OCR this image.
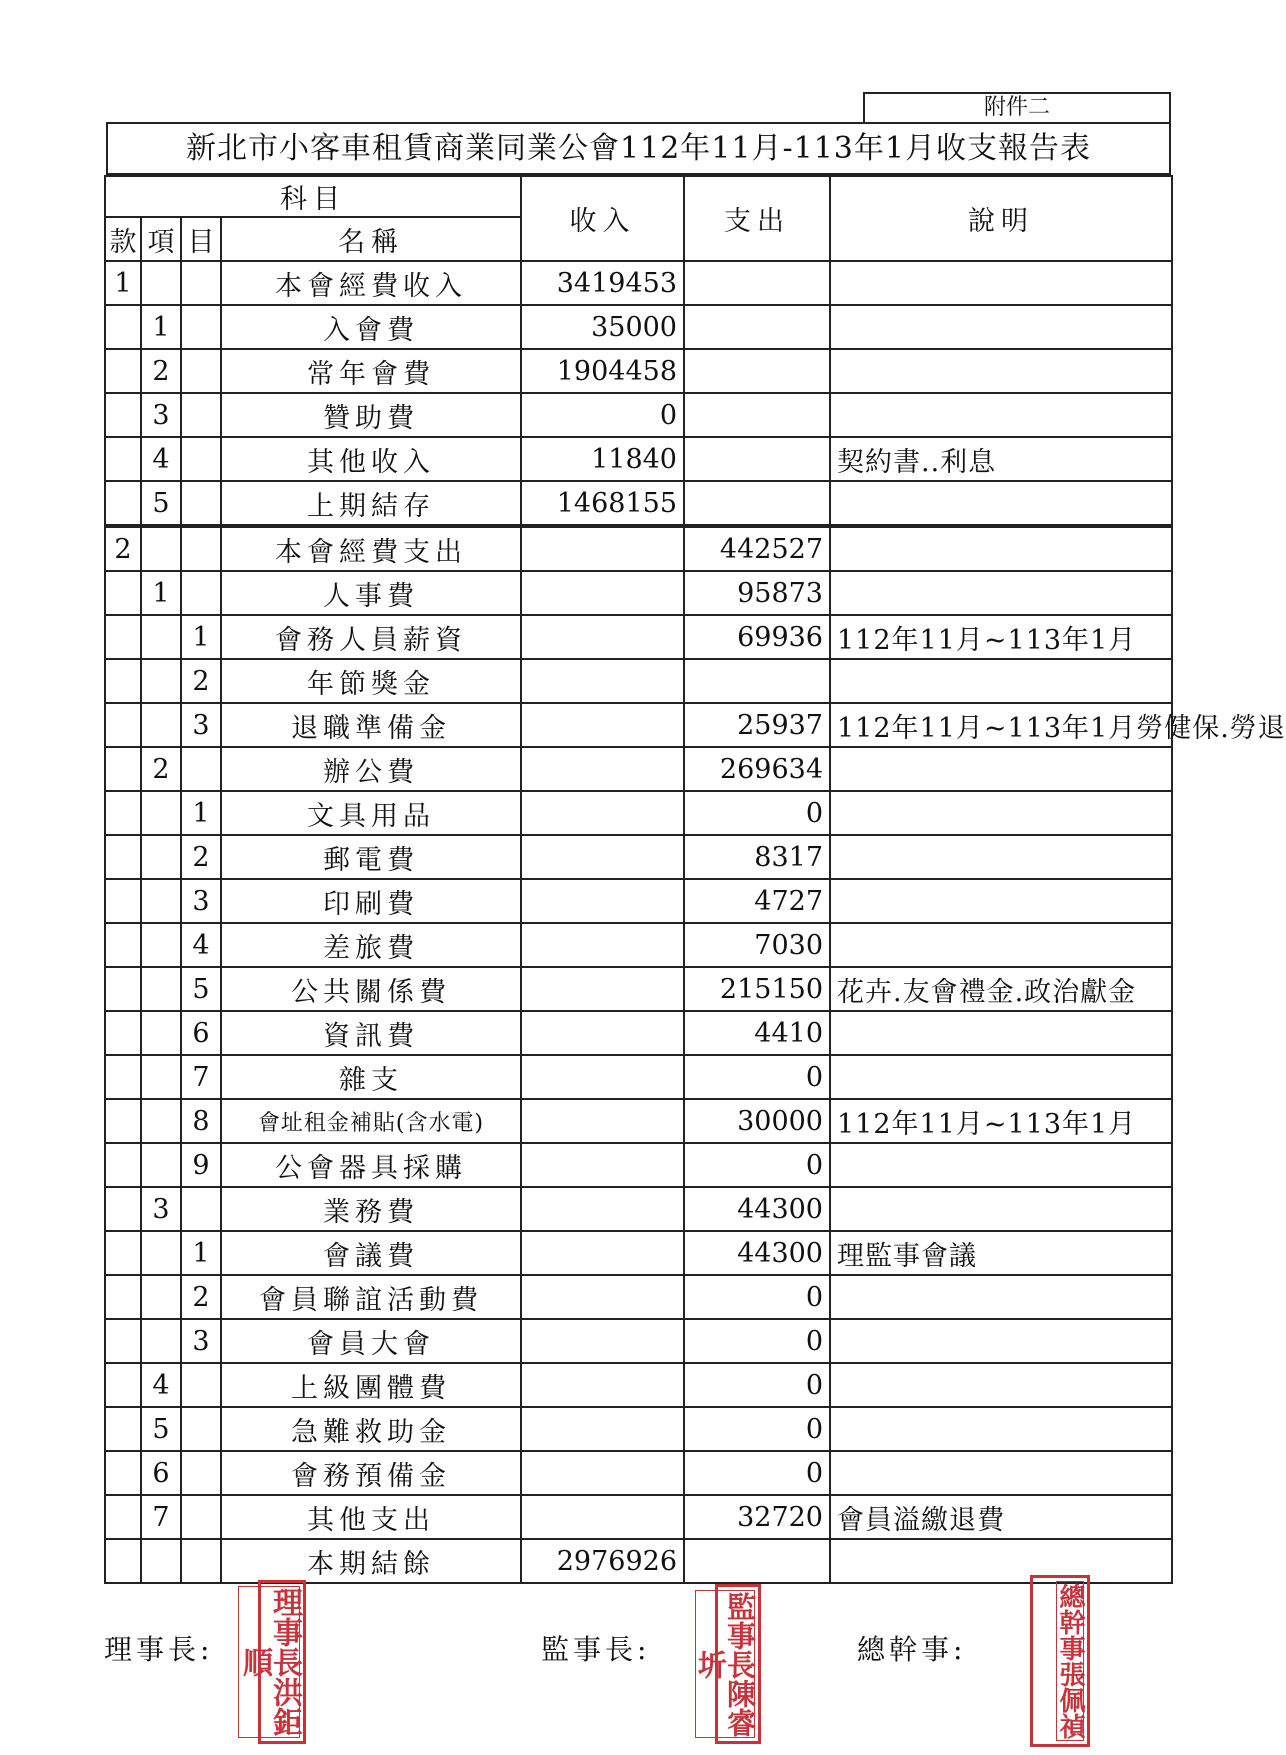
附件二
新北市小客車租賃商業同業公會112年11月-113年1月收支報告表
科目				收入	支出	說明
款	項	目	名稱			
1			本會經費收入	3419453		
	1		入會費	35000		
	2		常年會費	1904458		
	3		贊助費	0		
	4		其他收入	11840		契約書..利息
	5		上期結存	1468155		
2			本會經費支出		442527	
	1		人事費		95873	
		1	會務人員薪資		69936	112年11月~113年1月
		2	年節獎金			
		3	退職準備金		25937	112年11月~113年1月勞健保.勞退
	2		辦公費		269634	
		1	文具用品		0	
		2	郵電費		8317	
		3	印刷費		4727	
		4	差旅費		7030	
		5	公共關係費		215150	花卉.友會禮金.政治獻金
		6	資訊費		4410	
		7	雜支		0	
		8	會址租金補貼(含水電)		30000	112年11月~113年1月
		9	公會器具採購		0	
	3		業務費		44300	
		1	會議費		44300	理監事會議
		2	會員聯誼活動費		0	
		3	會員大會		0	
	4		上級團體費		0	
	5		急難救助金		0	
	6		會務預備金		0	
	7		其他支出		32720	會員溢繳退費
			本期結餘	2976926		
理事長:	監事長:	總幹事:
理事長洪鉅順	監事長陳睿圻	總幹事張佩禎
